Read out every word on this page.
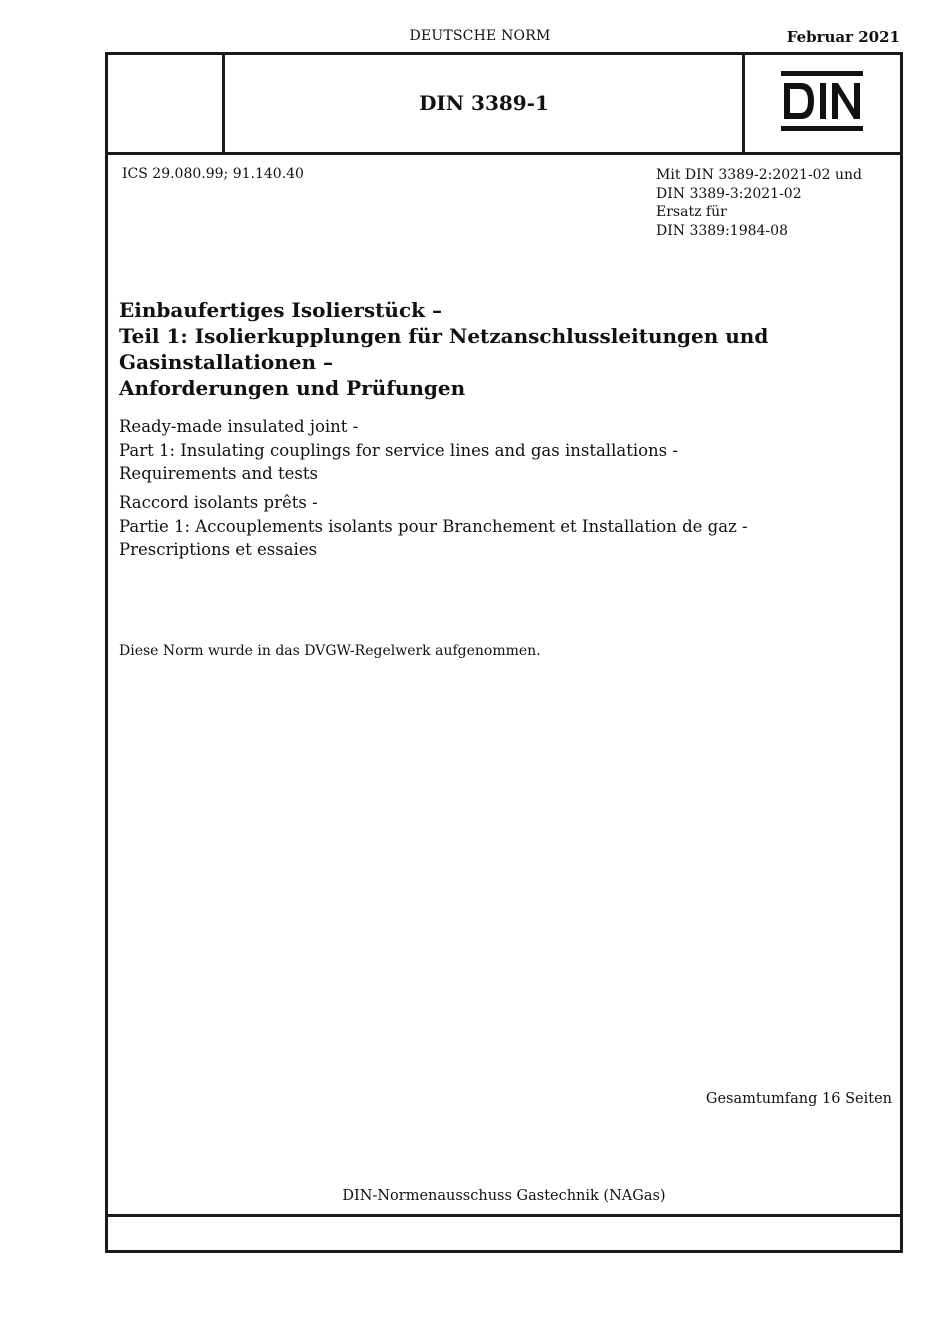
DEUTSCHE NORM	Februar 2021
DIN 3389-1
ICS 29.080.99; 91.140.40	Mit DIN 3389-2:2021-02 und
DIN 3389-3:2021-02
Ersatz für
DIN 3389:1984-08
Einbaufertiges Isolierstück –
Teil 1: Isolierkupplungen für Netzanschlussleitungen und
Gasinstallationen –
Anforderungen und Prüfungen
Ready-made insulated joint -
Part 1: Insulating couplings for service lines and gas installations -
Requirements and tests
Raccord isolants prêts -
Partie 1: Accouplements isolants pour Branchement et Installation de gaz -
Prescriptions et essaies
Diese Norm wurde in das DVGW-Regelwerk aufgenommen.
Gesamtumfang 16 Seiten
DIN-Normenausschuss Gastechnik (NAGas)
